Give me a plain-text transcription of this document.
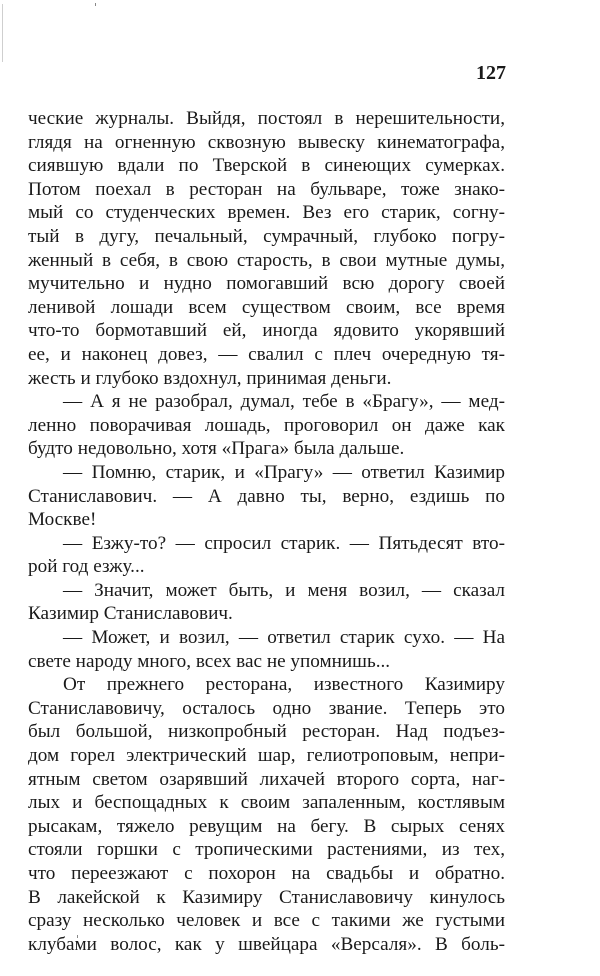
127
ческие журналы. Выйдя, постоял в нерешительности,
глядя на огненную сквозную вывеску кинематографа,
сиявшую вдали по Тверской в синеющих сумерках.
Потом поехал в ресторан на бульваре, тоже знако-
мый со студенческих времен. Вез его старик, согну-
тый в дугу, печальный, сумрачный, глубоко погру-
женный в себя, в свою старость, в свои мутные думы,
мучительно и нудно помогавший всю дорогу своей
ленивой лошади всем существом своим, все время
что-то бормотавший ей, иногда ядовито укорявший
ее, и наконец довез, — свалил с плеч очередную тя-
жесть и глубоко вздохнул, принимая деньги.
— А я не разобрал, думал, тебе в «Брагу», — мед-
ленно поворачивая лошадь, проговорил он даже как
будто недовольно, хотя «Прага» была дальше.
— Помню, старик, и «Прагу» — ответил Казимир
Станиславович. — А давно ты, верно, ездишь по
Москве!
— Езжу-то? — спросил старик. — Пятьдесят вто-
рой год езжу...
— Значит, может быть, и меня возил, — сказал
Казимир Станиславович.
— Может, и возил, — ответил старик сухо. — На
свете народу много, всех вас не упомнишь...
От прежнего ресторана, известного Казимиру
Станиславовичу, осталось одно звание. Теперь это
был большой, низкопробный ресторан. Над подъез-
дом горел электрический шар, гелиотроповым, непри-
ятным светом озарявший лихачей второго сорта, наг-
лых и беспощадных к своим запаленным, костлявым
рысакам, тяжело ревущим на бегу. В сырых сенях
стояли горшки с тропическими растениями, из тех,
что переезжают с похорон на свадьбы и обратно.
В лакейской к Казимиру Станиславовичу кинулось
сразу несколько человек и все с такими же густыми
клубами волос, как у швейцара «Версаля». В боль-
